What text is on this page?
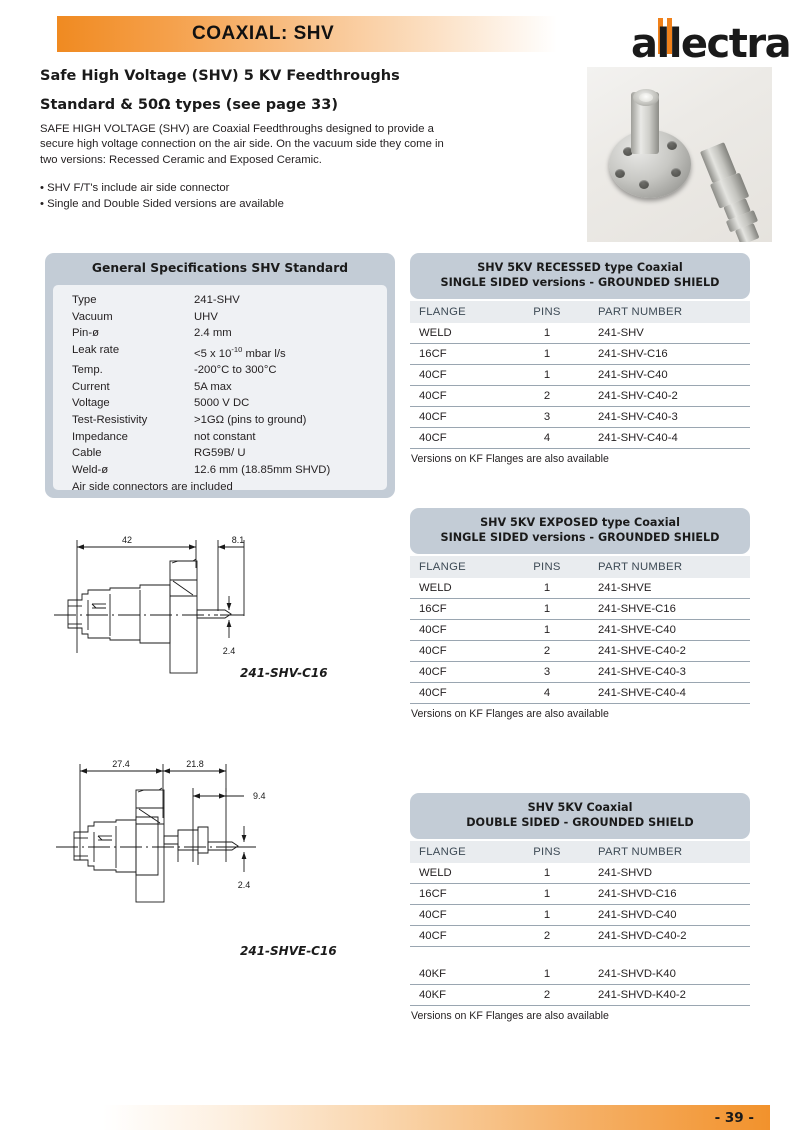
COAXIAL: SHV	allectra
Safe High Voltage (SHV) 5 KV Feedthroughs
Standard & 50Ω types (see page 33)
SAFE HIGH VOLTAGE (SHV) are Coaxial Feedthroughs designed to provide a secure high voltage connection on the air side. On the vacuum side they come in two versions: Recessed Ceramic and Exposed Ceramic.
• SHV F/T's include air side connector
• Single and Double Sided versions are available
General Specifications SHV Standard
Type	241-SHV
Vacuum	UHV
Pin-ø	2.4 mm
Leak rate	<5 x $10^{-10}$ mbar l/s
Temp.	-200°C to 300°C
Current	5A max
Voltage	5000 V DC
Test-Resistivity	>1GΩ (pins to ground)
Impedance	not constant
Cable	RG59B/ U
Weld-ø	12.6 mm (18.85mm SHVD)
Air side connectors are included
SHV 5KV RECESSED type Coaxial
SINGLE SIDED versions - GROUNDED SHIELD
FLANGE	PINS	PART NUMBER
WELD	1	241-SHV
16CF	1	241-SHV-C16
40CF	1	241-SHV-C40
40CF	2	241-SHV-C40-2
40CF	3	241-SHV-C40-3
40CF	4	241-SHV-C40-4
Versions on KF Flanges are also available
SHV 5KV EXPOSED type Coaxial
SINGLE SIDED versions - GROUNDED SHIELD
FLANGE	PINS	PART NUMBER
WELD	1	241-SHVE
16CF	1	241-SHVE-C16
40CF	1	241-SHVE-C40
40CF	2	241-SHVE-C40-2
40CF	3	241-SHVE-C40-3
40CF	4	241-SHVE-C40-4
Versions on KF Flanges are also available
SHV 5KV Coaxial
DOUBLE SIDED - GROUNDED SHIELD
FLANGE	PINS	PART NUMBER
WELD	1	241-SHVD
16CF	1	241-SHVD-C16
40CF	1	241-SHVD-C40
40CF	2	241-SHVD-C40-2
40KF	1	241-SHVD-K40
40KF	2	241-SHVD-K40-2
Versions on KF Flanges are also available
42	8.1
2.4
241-SHV-C16
27.4	21.8
9.4
2.4
241-SHVE-C16
- 39 -
